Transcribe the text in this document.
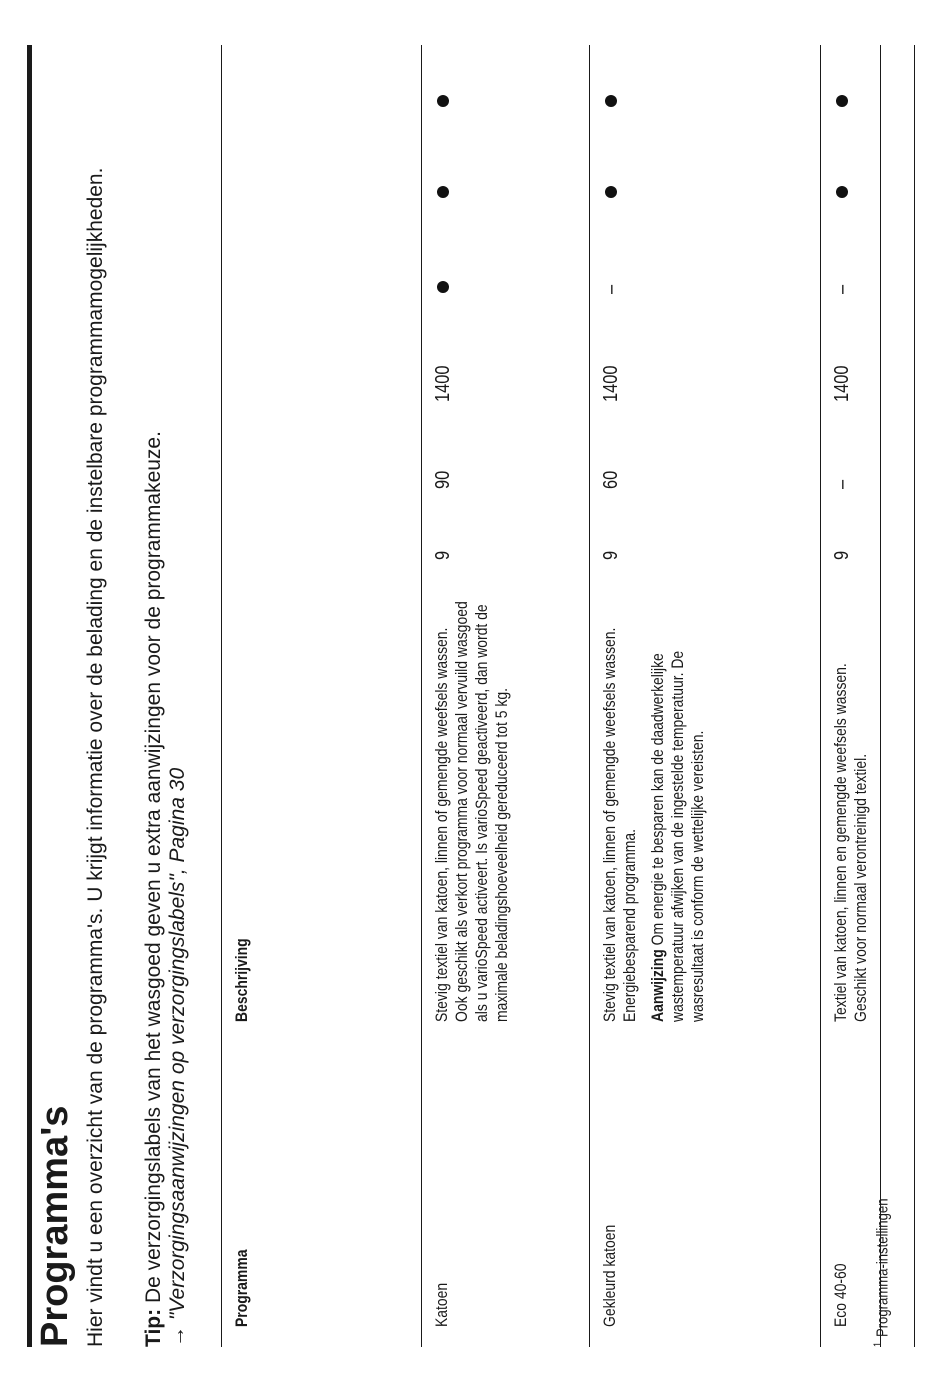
Programma's Hier vindt u een overzicht van de programma's. U krijgt informatie over de belading en de instelbare programmamogelijkheden. Tip: De verzorgingslabels van het wasgoed geven u extra aanwijzingen voor de programmakeuze.
→ "Verzorgingsaanwijzingen op verzorgingslabels", Pagina 30	Programma
Beschrijving
Katoen

Stevig textiel van katoen, linnen of gemengde weefsels wassen. Ook geschikt als verkort programma voor normaal vervuild wasgoed als u varioSpeed activeert. Is varioSpeed geactiveerd, dan wordt de maximale beladingshoeveelheid gereduceerd tot 5 kg.

9
90
1400
Gekleurd katoen

Stevig textiel van katoen, linnen of gemengde weefsels wassen. Energiebesparend programma. Aanwijzing Om energie te besparen kan de daadwerkelijke wastemperatuur afwijken van de ingestelde temperatuur. De wasresultaat is conform de wettelijke vereisten.

9
60
1400
–
Eco 40-60

Textiel van katoen, linnen en gemengde weefsels wassen. Geschikt voor normaal verontreinigd textiel.

9
–
1400
–
$^1$Programma-instellingen
